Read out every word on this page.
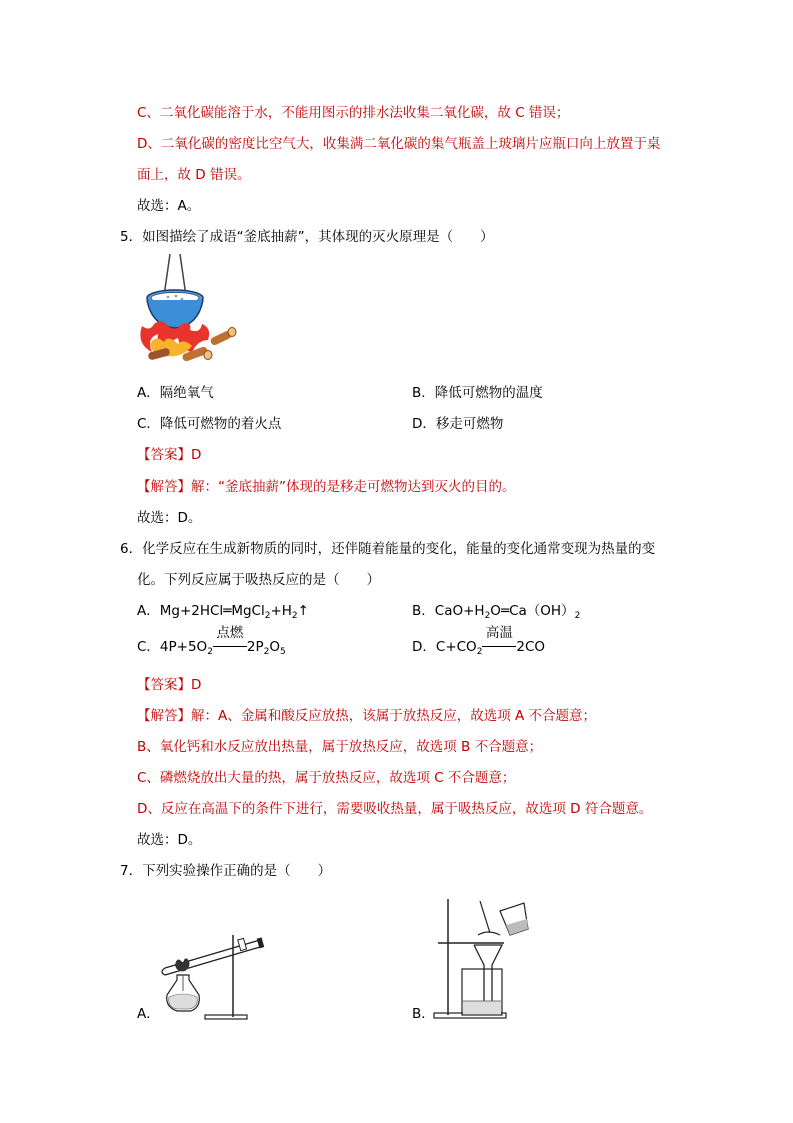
C、二氧化碳能溶于水，不能用图示的排水法收集二氧化碳，故 C 错误；
D、二氧化碳的密度比空气大，收集满二氧化碳的集气瓶盖上玻璃片应瓶口向上放置于桌
面上，故 D 错误。
故选：A。
5．如图描绘了成语“釜底抽薪”，其体现的灭火原理是（　　）
A．隔绝氧气	B．降低可燃物的温度
C．降低可燃物的着火点	D．移走可燃物
【答案】D
【解答】解：“釜底抽薪”体现的是移走可燃物达到灭火的目的。
故选：D。
6．化学反应在生成新物质的同时，还伴随着能量的变化，能量的变化通常变现为热量的变
化。下列反应属于吸热反应的是（　　）
A．$Mg+2HCl═MgCl_2+H_2↑$	B．$CaO+H_2O═Ca(OH)_2$
C．$4P+5O_2$
点燃
$2P_2O_5$	D．$C+CO_2$
高温
2CO
【答案】D
【解答】解：A、金属和酸反应放热，该属于放热反应，故选项 A 不合题意；
B、氧化钙和水反应放出热量，属于放热反应，故选项 B 不合题意；
C、磷燃烧放出大量的热，属于放热反应，故选项 C 不合题意；
D、反应在高温下的条件下进行，需要吸收热量，属于吸热反应，故选项 D 符合题意。
故选：D。
7．下列实验操作正确的是（　　）
A．	B．
